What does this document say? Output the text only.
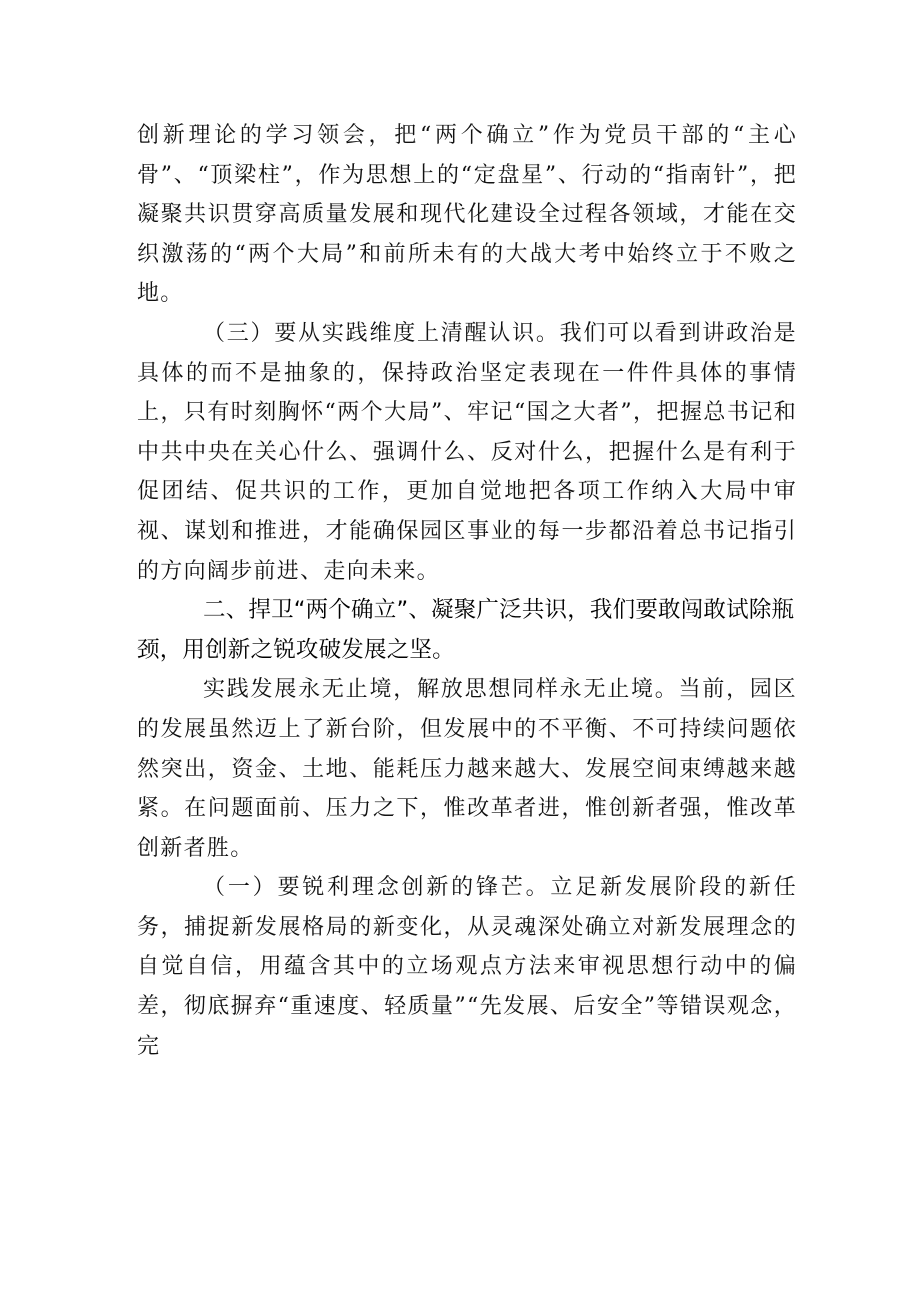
创新理论的学习领会，把“两个确立”作为党员干部的“主心骨”、“顶梁柱”，作为思想上的“定盘星”、行动的“指南针”，把凝聚共识贯穿高质量发展和现代化建设全过程各领域，才能在交织激荡的“两个大局”和前所未有的大战大考中始终立于不败之地。

（三）要从实践维度上清醒认识。我们可以看到讲政治是具体的而不是抽象的，保持政治坚定表现在一件件具体的事情上，只有时刻胸怀“两个大局”、牢记“国之大者”，把握总书记和中共中央在关心什么、强调什么、反对什么，把握什么是有利于促团结、促共识的工作，更加自觉地把各项工作纳入大局中审视、谋划和推进，才能确保园区事业的每一步都沿着总书记指引的方向阔步前进、走向未来。

二、捍卫“两个确立”、凝聚广泛共识，我们要敢闯敢试除瓶颈，用创新之锐攻破发展之坚。

实践发展永无止境，解放思想同样永无止境。当前，园区的发展虽然迈上了新台阶，但发展中的不平衡、不可持续问题依然突出，资金、土地、能耗压力越来越大、发展空间束缚越来越紧。在问题面前、压力之下，惟改革者进，惟创新者强，惟改革创新者胜。

（一）要锐利理念创新的锋芒。立足新发展阶段的新任务，捕捉新发展格局的新变化，从灵魂深处确立对新发展理念的自觉自信，用蕴含其中的立场观点方法来审视思想行动中的偏差，彻底摒弃“重速度、轻质量”“先发展、后安全”等错误观念，完
